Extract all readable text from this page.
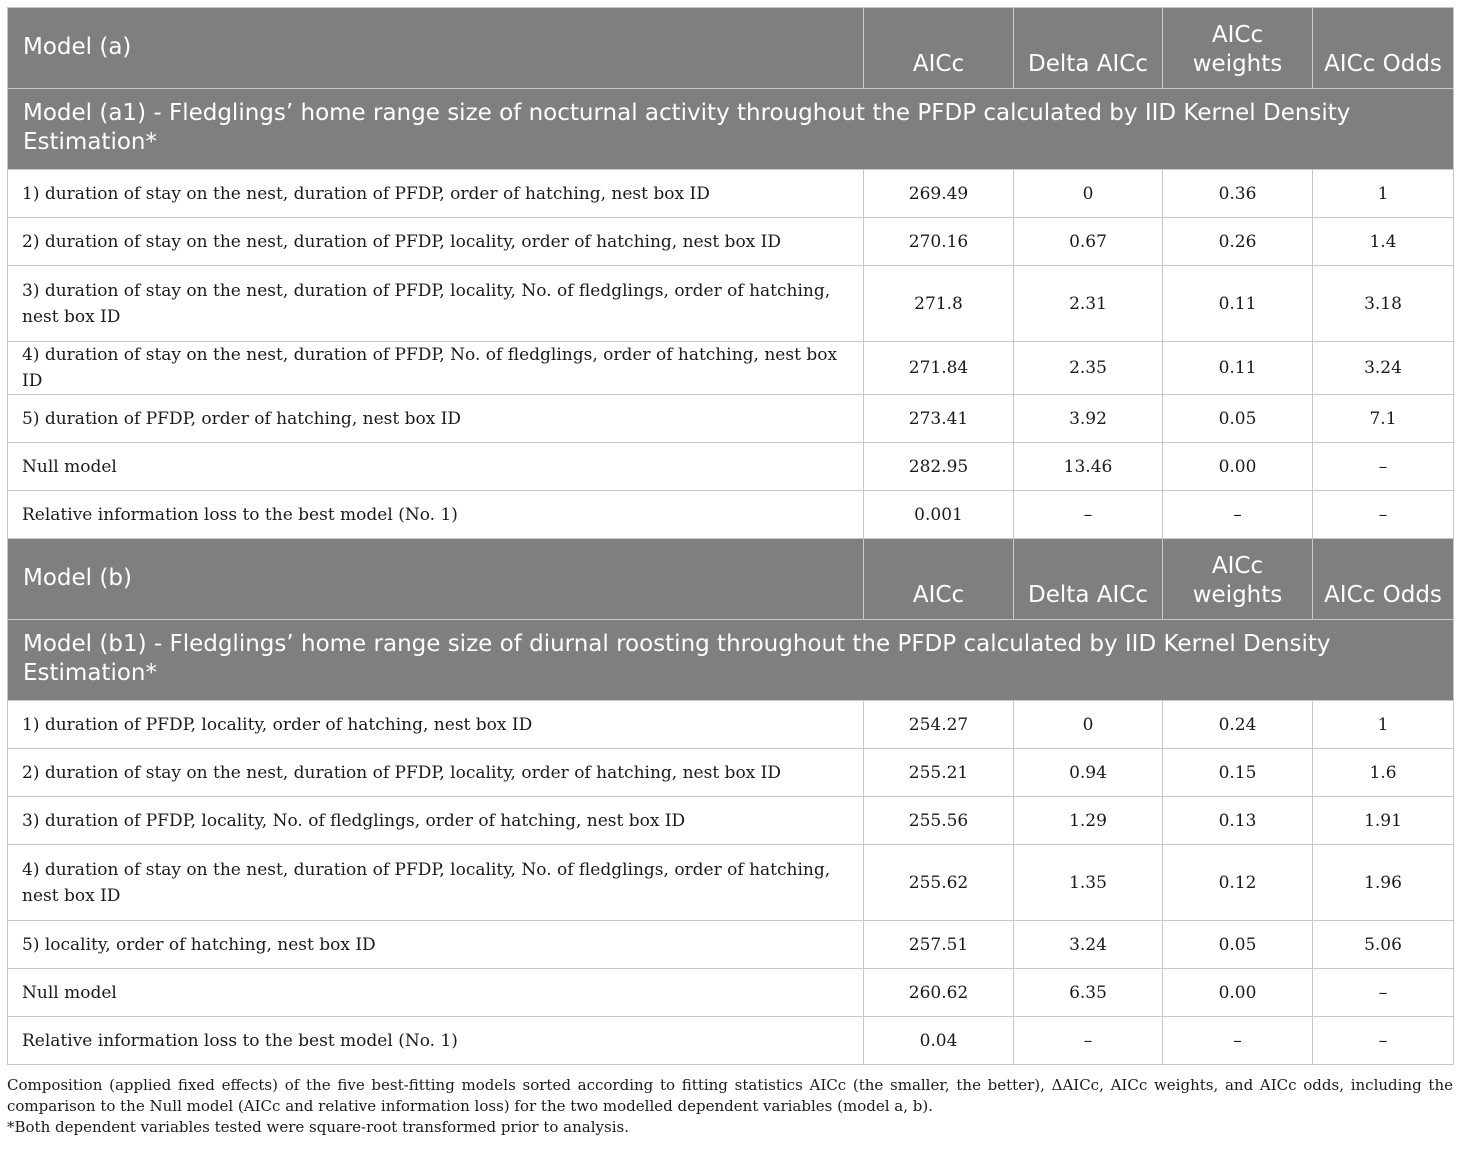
Model (a)	AICc	Delta AICc	AICc weights	AICc Odds
Model (a1) - Fledglings’ home range size of nocturnal activity throughout the PFDP calculated by IID Kernel Density Estimation*				
1) duration of stay on the nest, duration of PFDP, order of hatching, nest box ID	269.49	0	0.36	1
2) duration of stay on the nest, duration of PFDP, locality, order of hatching, nest box ID	270.16	0.67	0.26	1.4
3) duration of stay on the nest, duration of PFDP, locality, No. of fledglings, order of hatching, nest box ID	271.8	2.31	0.11	3.18
4) duration of stay on the nest, duration of PFDP, No. of fledglings, order of hatching, nest box ID	271.84	2.35	0.11	3.24
5) duration of PFDP, order of hatching, nest box ID	273.41	3.92	0.05	7.1
Null model	282.95	13.46	0.00	–
Relative information loss to the best model (No. 1)	0.001	–	–	–
Model (b)	AICc	Delta AICc	AICc weights	AICc Odds
Model (b1) - Fledglings’ home range size of diurnal roosting throughout the PFDP calculated by IID Kernel Density Estimation*				
1) duration of PFDP, locality, order of hatching, nest box ID	254.27	0	0.24	1
2) duration of stay on the nest, duration of PFDP, locality, order of hatching, nest box ID	255.21	0.94	0.15	1.6
3) duration of PFDP, locality, No. of fledglings, order of hatching, nest box ID	255.56	1.29	0.13	1.91
4) duration of stay on the nest, duration of PFDP, locality, No. of fledglings, order of hatching, nest box ID	255.62	1.35	0.12	1.96
5) locality, order of hatching, nest box ID	257.51	3.24	0.05	5.06
Null model	260.62	6.35	0.00	–
Relative information loss to the best model (No. 1)	0.04	–	–	–

Composition (applied fixed effects) of the five best-fitting models sorted according to fitting statistics AICc (the smaller, the better), ΔAICc, AICc weights, and AICc odds, including the comparison to the Null model (AICc and relative information loss) for the two modelled dependent variables (model a, b).

*Both dependent variables tested were square-root transformed prior to analysis.
